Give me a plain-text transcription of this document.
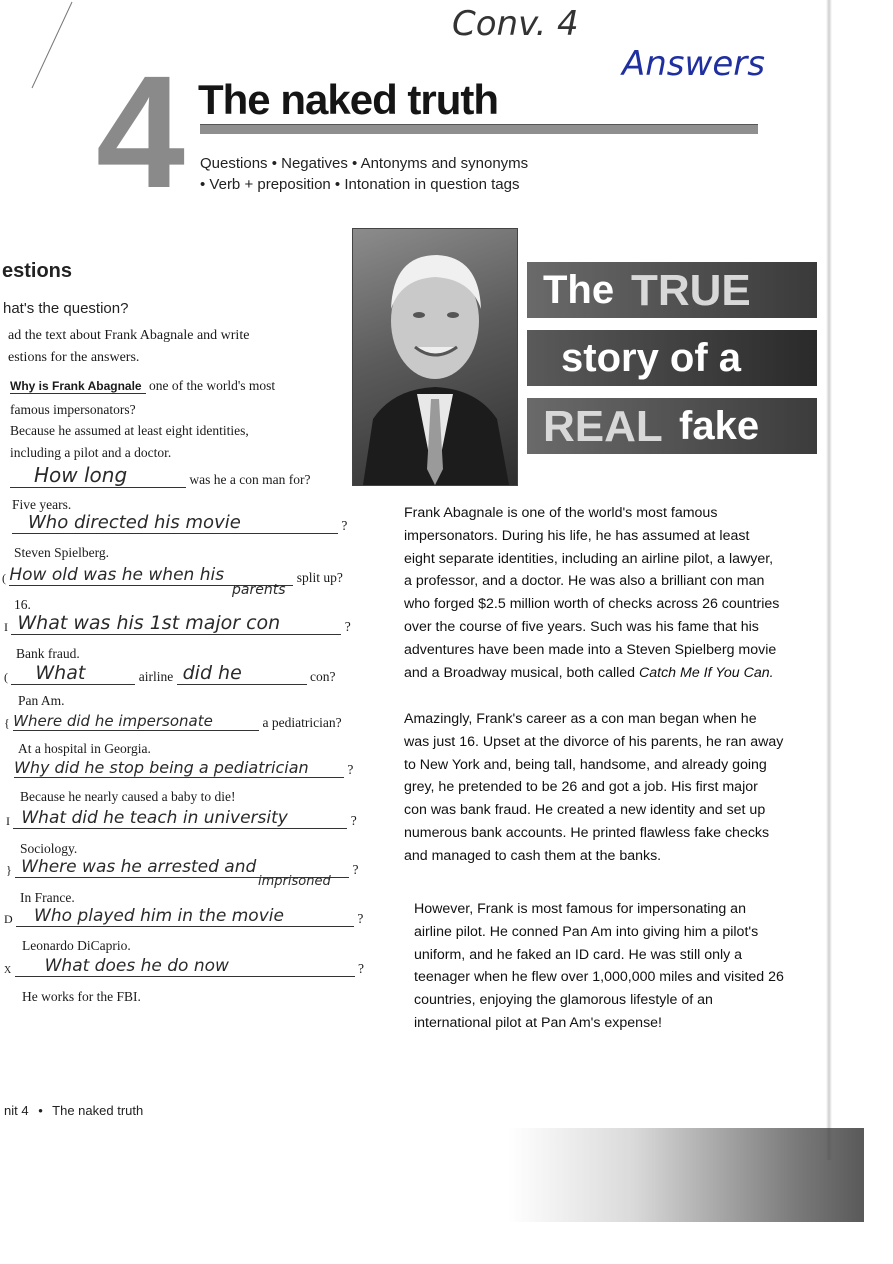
Conv. 4
Answers
4 The naked truth
Questions • Negatives • Antonyms and synonyms
• Verb + preposition • Intonation in question tags
estions
hat's the question?
ad the text about Frank Abagnale and write
estions for the answers.
Why is Frank Abagnale one of the world's most
famous impersonators?
Because he assumed at least eight identities,
including a pilot and a doctor.
How long	was he a con man for?
Five years.
Who directed his movie	?
Steven Spielberg.
( How old was he when his	split up?
parents
16.
I What was his 1st major con	?
Bank fraud.
( What	airline did he	con?
Pan Am.
{ Where did he impersonate	a pediatrician?
At a hospital in Georgia.
Why did he stop being a pediatrician	?
Because he nearly caused a baby to die!
I What did he teach in university	?
Sociology.
} Where was he arrested and	?
imprisoned
In France.
D Who played him in the movie	?
Leonardo DiCaprio.
X What does he do now	?
He works for the FBI.
The TRUE
story of a
REAL fake
Frank Abagnale is one of the world's most famous impersonators. During his life, he has assumed at least eight separate identities, including an airline pilot, a lawyer, a professor, and a doctor. He was also a brilliant con man who forged $2.5 million worth of checks across 26 countries over the course of five years. Such was his fame that his adventures have been made into a Steven Spielberg movie and a Broadway musical, both called Catch Me If You Can.
Amazingly, Frank's career as a con man began when he was just 16. Upset at the divorce of his parents, he ran away to New York and, being tall, handsome, and already going grey, he pretended to be 26 and got a job. His first major con was bank fraud. He created a new identity and set up numerous bank accounts. He printed flawless fake checks and managed to cash them at the banks.
However, Frank is most famous for impersonating an airline pilot. He conned Pan Am into giving him a pilot's uniform, and he faked an ID card. He was still only a teenager when he flew over 1,000,000 miles and visited 26 countries, enjoying the glamorous lifestyle of an international pilot at Pan Am's expense!
nit 4 • The naked truth
